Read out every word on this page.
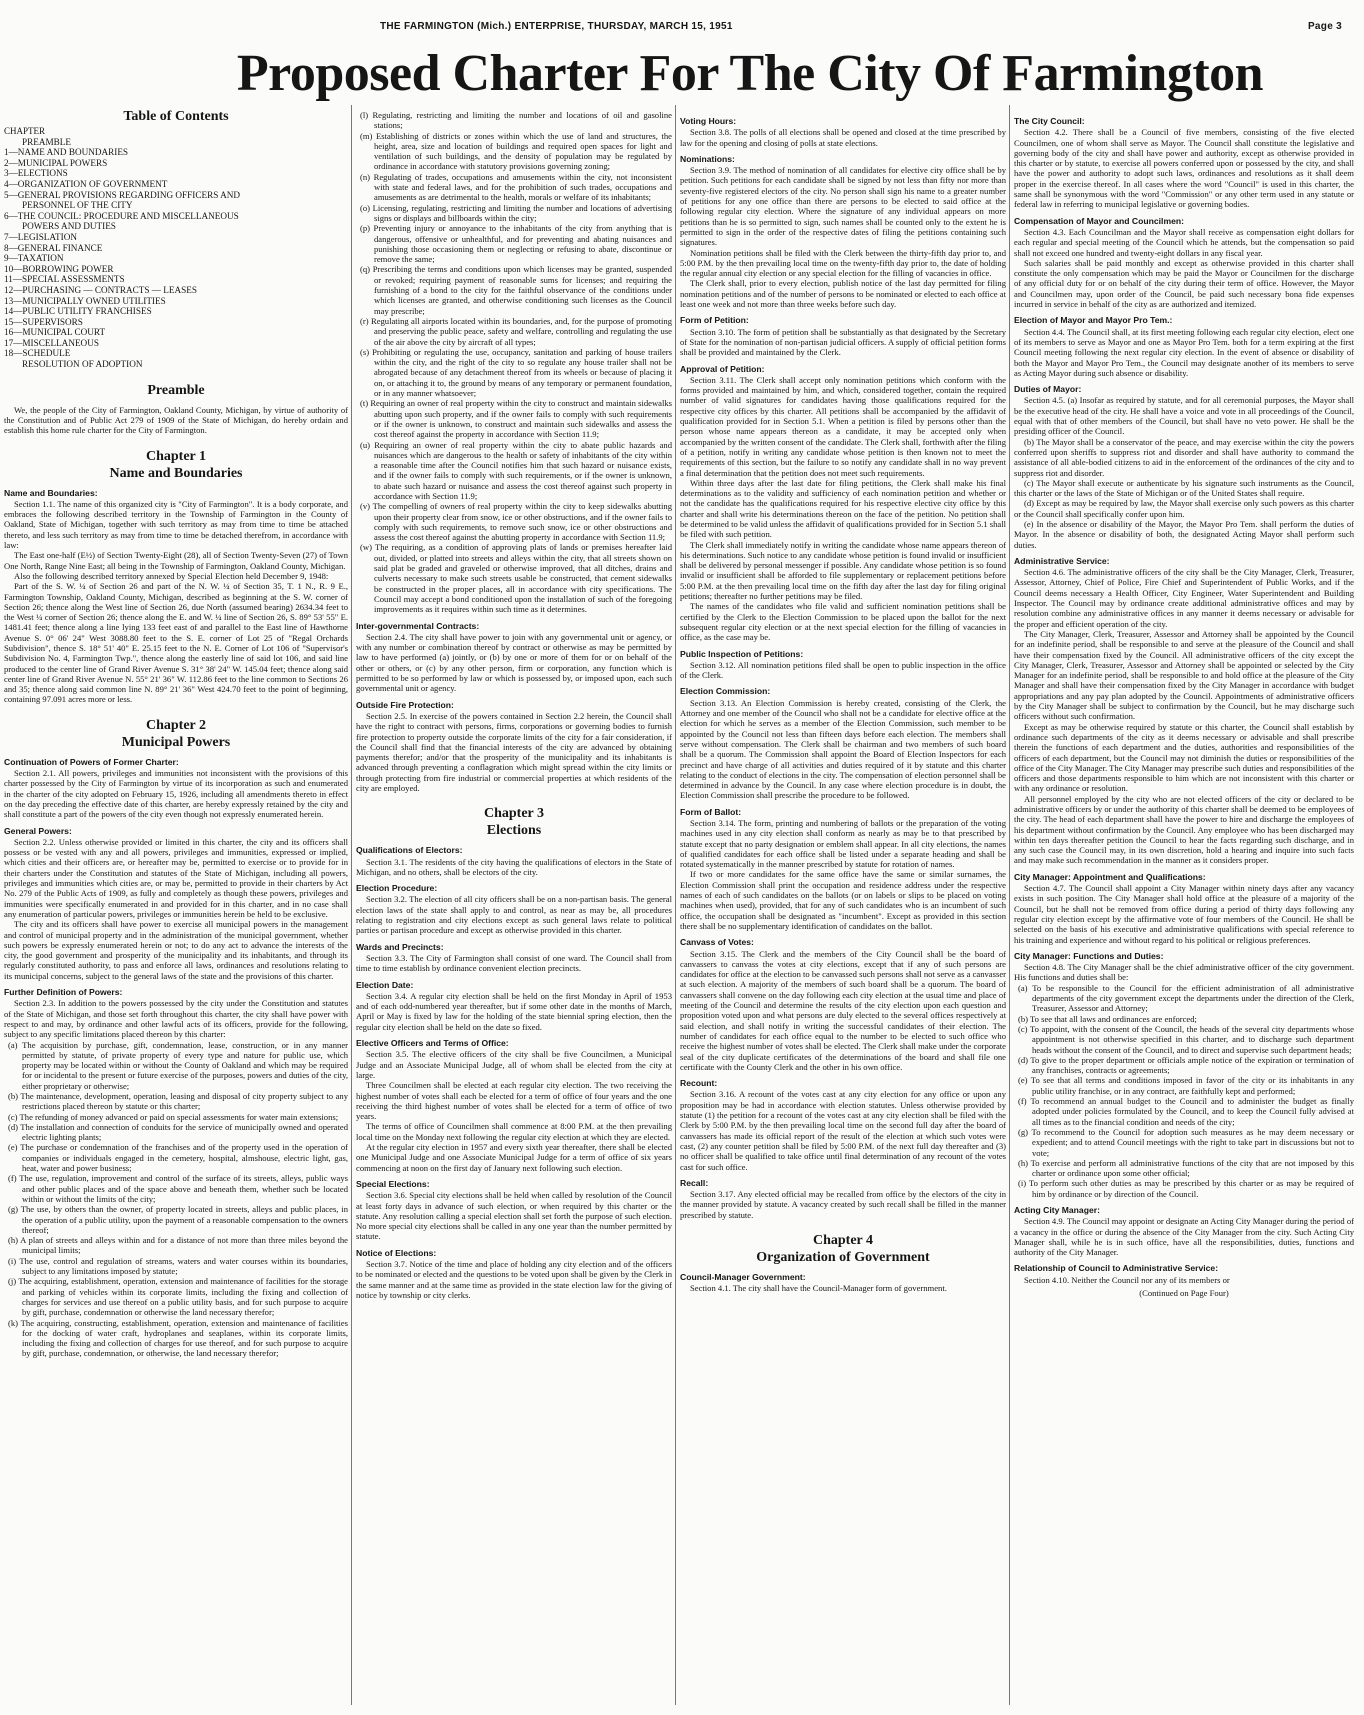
THE FARMINGTON (Mich.) ENTERPRISE, THURSDAY, MARCH 15, 1951	Page 3
Proposed Charter For The City Of Farmington
Table of Contents
CHAPTER
PREAMBLE
1—NAME AND BOUNDARIES
2—MUNICIPAL POWERS
3—ELECTIONS
4—ORGANIZATION OF GOVERNMENT
5—GENERAL PROVISIONS REGARDING OFFICERS AND
PERSONNEL OF THE CITY
6—THE COUNCIL: PROCEDURE AND MISCELLANEOUS
POWERS AND DUTIES
7—LEGISLATION
8—GENERAL FINANCE
9—TAXATION
10—BORROWING POWER
11—SPECIAL ASSESSMENTS
12—PURCHASING — CONTRACTS — LEASES
13—MUNICIPALLY OWNED UTILITIES
14—PUBLIC UTILITY FRANCHISES
15—SUPERVISORS
16—MUNICIPAL COURT
17—MISCELLANEOUS
18—SCHEDULE
RESOLUTION OF ADOPTION
Preamble

We, the people of the City of Farmington, Oakland County, Michigan, by virtue of authority of the Constitution and of Public Act 279 of 1909 of the State of Michigan, do hereby ordain and establish this home rule charter for the City of Farmington.

Chapter 1
Name and Boundaries
Name and Boundaries:

Section 1.1. The name of this organized city is "City of Farmington". It is a body corporate, and embraces the following described territory in the Township of Farmington in the County of Oakland, State of Michigan, together with such territory as may from time to time be attached thereto, and less such territory as may from time to time be detached therefrom, in accordance with law:

The East one-half (E½) of Section Twenty-Eight (28), all of Section Twenty-Seven (27) of Town One North, Range Nine East; all being in the Township of Farmington, Oakland County, Michigan.

Also the following described territory annexed by Special Election held December 9, 1948:

Part of the S. W. ¼ of Section 26 and part of the N. W. ¼ of Section 35, T. 1 N., R. 9 E., Farmington Township, Oakland County, Michigan, described as beginning at the S. W. corner of Section 26; thence along the West line of Section 26, due North (assumed bearing) 2634.34 feet to the West ¼ corner of Section 26; thence along the E. and W. ¼ line of Section 26, S. 89° 53' 55" E. 1481.41 feet; thence along a line lying 133 feet east of and parallel to the East line of Hawthorne Avenue S. 0° 06' 24" West 3088.80 feet to the S. E. corner of Lot 25 of "Regal Orchards Subdivision", thence S. 18° 51' 40" E. 25.15 feet to the N. E. Corner of Lot 106 of "Supervisor's Subdivision No. 4, Farmington Twp.", thence along the easterly line of said lot 106, and said line produced to the center line of Grand River Avenue S. 31° 38' 24" W. 145.04 feet; thence along said center line of Grand River Avenue N. 55° 21' 36" W. 112.86 feet to the line common to Sections 26 and 35; thence along said common line N. 89° 21' 36" West 424.70 feet to the point of beginning, containing 97.091 acres more or less.

Chapter 2
Municipal Powers
Continuation of Powers of Former Charter:

Section 2.1. All powers, privileges and immunities not inconsistent with the provisions of this charter possessed by the City of Farmington by virtue of its incorporation as such and enumerated in the charter of the city adopted on February 15, 1926, including all amendments thereto in effect on the day preceding the effective date of this charter, are hereby expressly retained by the city and shall constitute a part of the powers of the city even though not expressly enumerated herein.

General Powers:

Section 2.2. Unless otherwise provided or limited in this charter, the city and its officers shall possess or be vested with any and all powers, privileges and immunities, expressed or implied, which cities and their officers are, or hereafter may be, permitted to exercise or to provide for in their charters under the Constitution and statutes of the State of Michigan, including all powers, privileges and immunities which cities are, or may be, permitted to provide in their charters by Act No. 279 of the Public Acts of 1909, as fully and completely as though these powers, privileges and immunities were specifically enumerated in and provided for in this charter, and in no case shall any enumeration of particular powers, privileges or immunities herein be held to be exclusive.

The city and its officers shall have power to exercise all municipal powers in the management and control of municipal property and in the administration of the municipal government, whether such powers be expressly enumerated herein or not; to do any act to advance the interests of the city, the good government and prosperity of the municipality and its inhabitants, and through its regularly constituted authority, to pass and enforce all laws, ordinances and resolutions relating to its municipal concerns, subject to the general laws of the state and the provisions of this charter.

Further Definition of Powers:

Section 2.3. In addition to the powers possessed by the city under the Constitution and statutes of the State of Michigan, and those set forth throughout this charter, the city shall have power with respect to and may, by ordinance and other lawful acts of its officers, provide for the following, subject to any specific limitations placed thereon by this charter:

(a) The acquisition by purchase, gift, condemnation, lease, construction, or in any manner permitted by statute, of private property of every type and nature for public use, which property may be located within or without the County of Oakland and which may be required for or incidental to the present or future exercise of the purposes, powers and duties of the city, either proprietary or otherwise;
(b) The maintenance, development, operation, leasing and disposal of city property subject to any restrictions placed thereon by statute or this charter;
(c) The refunding of money advanced or paid on special assessments for water main extensions;
(d) The installation and connection of conduits for the service of municipally owned and operated electric lighting plants;
(e) The purchase or condemnation of the franchises and of the property used in the operation of companies or individuals engaged in the cemetery, hospital, almshouse, electric light, gas, heat, water and power business;
(f) The use, regulation, improvement and control of the surface of its streets, alleys, public ways and other public places and of the space above and beneath them, whether such be located within or without the limits of the city;
(g) The use, by others than the owner, of property located in streets, alleys and public places, in the operation of a public utility, upon the payment of a reasonable compensation to the owners thereof;
(h) A plan of streets and alleys within and for a distance of not more than three miles beyond the municipal limits;
(i) The use, control and regulation of streams, waters and water courses within its boundaries, subject to any limitations imposed by statute;
(j) The acquiring, establishment, operation, extension and maintenance of facilities for the storage and parking of vehicles within its corporate limits, including the fixing and collection of charges for services and use thereof on a public utility basis, and for such purpose to acquire by gift, purchase, condemnation or otherwise the land necessary therefor;
(k) The acquiring, constructing, establishment, operation, extension and maintenance of facilities for the docking of water craft, hydroplanes and seaplanes, within its corporate limits, including the fixing and collection of charges for use thereof, and for such purpose to acquire by gift, purchase, condemnation, or otherwise, the land necessary therefor;
(l) Regulating, restricting and limiting the number and locations of oil and gasoline stations;
(m) Establishing of districts or zones within which the use of land and structures, the height, area, size and location of buildings and required open spaces for light and ventilation of such buildings, and the density of population may be regulated by ordinance in accordance with statutory provisions governing zoning;
(n) Regulating of trades, occupations and amusements within the city, not inconsistent with state and federal laws, and for the prohibition of such trades, occupations and amusements as are detrimental to the health, morals or welfare of its inhabitants;
(o) Licensing, regulating, restricting and limiting the number and locations of advertising signs or displays and billboards within the city;
(p) Preventing injury or annoyance to the inhabitants of the city from anything that is dangerous, offensive or unhealthful, and for preventing and abating nuisances and punishing those occasioning them or neglecting or refusing to abate, discontinue or remove the same;
(q) Prescribing the terms and conditions upon which licenses may be granted, suspended or revoked; requiring payment of reasonable sums for licenses; and requiring the furnishing of a bond to the city for the faithful observance of the conditions under which licenses are granted, and otherwise conditioning such licenses as the Council may prescribe;
(r) Regulating all airports located within its boundaries, and, for the purpose of promoting and preserving the public peace, safety and welfare, controlling and regulating the use of the air above the city by aircraft of all types;
(s) Prohibiting or regulating the use, occupancy, sanitation and parking of house trailers within the city, and the right of the city to so regulate any house trailer shall not be abrogated because of any detachment thereof from its wheels or because of placing it on, or attaching it to, the ground by means of any temporary or permanent foundation, or in any manner whatsoever;
(t) Requiring an owner of real property within the city to construct and maintain sidewalks abutting upon such property, and if the owner fails to comply with such requirements or if the owner is unknown, to construct and maintain such sidewalks and assess the cost thereof against the property in accordance with Section 11.9;
(u) Requiring an owner of real property within the city to abate public hazards and nuisances which are dangerous to the health or safety of inhabitants of the city within a reasonable time after the Council notifies him that such hazard or nuisance exists, and if the owner fails to comply with such requirements, or if the owner is unknown, to abate such hazard or nuisance and assess the cost thereof against such property in accordance with Section 11.9;
(v) The compelling of owners of real property within the city to keep sidewalks abutting upon their property clear from snow, ice or other obstructions, and if the owner fails to comply with such requirements, to remove such snow, ice or other obstructions and assess the cost thereof against the abutting property in accordance with Section 11.9;
(w) The requiring, as a condition of approving plats of lands or premises hereafter laid out, divided, or platted into streets and alleys within the city, that all streets shown on said plat be graded and graveled or otherwise improved, that all ditches, drains and culverts necessary to make such streets usable be constructed, that cement sidewalks be constructed in the proper places, all in accordance with city specifications. The Council may accept a bond conditioned upon the installation of such of the foregoing improvements as it requires within such time as it determines.
Inter-governmental Contracts:

Section 2.4. The city shall have power to join with any governmental unit or agency, or with any number or combination thereof by contract or otherwise as may be permitted by law to have performed (a) jointly, or (b) by one or more of them for or on behalf of the other or others, or (c) by any other person, firm or corporation, any function which is permitted to be so performed by law or which is possessed by, or imposed upon, each such governmental unit or agency.

Outside Fire Protection:

Section 2.5. In exercise of the powers contained in Section 2.2 herein, the Council shall have the right to contract with persons, firms, corporations or governing bodies to furnish fire protection to property outside the corporate limits of the city for a fair consideration, if the Council shall find that the financial interests of the city are advanced by obtaining payments therefor; and/or that the prosperity of the municipality and its inhabitants is advanced through preventing a conflagration which might spread within the city limits or through protecting from fire industrial or commercial properties at which residents of the city are employed.

Chapter 3
Elections
Qualifications of Electors:

Section 3.1. The residents of the city having the qualifications of electors in the State of Michigan, and no others, shall be electors of the city.

Election Procedure:

Section 3.2. The election of all city officers shall be on a non-partisan basis. The general election laws of the state shall apply to and control, as near as may be, all procedures relating to registration and city elections except as such general laws relate to political parties or partisan procedure and except as otherwise provided in this charter.

Wards and Precincts:

Section 3.3. The City of Farmington shall consist of one ward. The Council shall from time to time establish by ordinance convenient election precincts.

Election Date:

Section 3.4. A regular city election shall be held on the first Monday in April of 1953 and of each odd-numbered year thereafter, but if some other date in the months of March, April or May is fixed by law for the holding of the state biennial spring election, then the regular city election shall be held on the date so fixed.

Elective Officers and Terms of Office:

Section 3.5. The elective officers of the city shall be five Councilmen, a Municipal Judge and an Associate Municipal Judge, all of whom shall be elected from the city at large.

Three Councilmen shall be elected at each regular city election. The two receiving the highest number of votes shall each be elected for a term of office of four years and the one receiving the third highest number of votes shall be elected for a term of office of two years.

The terms of office of Councilmen shall commence at 8:00 P.M. at the then prevailing local time on the Monday next following the regular city election at which they are elected.

At the regular city election in 1957 and every sixth year thereafter, there shall be elected one Municipal Judge and one Associate Municipal Judge for a term of office of six years commencing at noon on the first day of January next following such election.

Special Elections:

Section 3.6. Special city elections shall be held when called by resolution of the Council at least forty days in advance of such election, or when required by this charter or the statute. Any resolution calling a special election shall set forth the purpose of such election. No more special city elections shall be called in any one year than the number permitted by statute.

Notice of Elections:

Section 3.7. Notice of the time and place of holding any city election and of the officers to be nominated or elected and the questions to be voted upon shall be given by the Clerk in the same manner and at the same time as provided in the state election law for the giving of notice by township or city clerks.

Voting Hours:

Section 3.8. The polls of all elections shall be opened and closed at the time prescribed by law for the opening and closing of polls at state elections.

Nominations:

Section 3.9. The method of nomination of all candidates for elective city office shall be by petition. Such petitions for each candidate shall be signed by not less than fifty nor more than seventy-five registered electors of the city. No person shall sign his name to a greater number of petitions for any one office than there are persons to be elected to said office at the following regular city election. Where the signature of any individual appears on more petitions than he is so permitted to sign, such names shall be counted only to the extent he is permitted to sign in the order of the respective dates of filing the petitions containing such signatures.

Nomination petitions shall be filed with the Clerk between the thirty-fifth day prior to, and 5:00 P.M. by the then prevailing local time on the twenty-fifth day prior to, the date of holding the regular annual city election or any special election for the filling of vacancies in office.

The Clerk shall, prior to every election, publish notice of the last day permitted for filing nomination petitions and of the number of persons to be nominated or elected to each office at least one week and not more than three weeks before such day.

Form of Petition:

Section 3.10. The form of petition shall be substantially as that designated by the Secretary of State for the nomination of non-partisan judicial officers. A supply of official petition forms shall be provided and maintained by the Clerk.

Approval of Petition:

Section 3.11. The Clerk shall accept only nomination petitions which conform with the forms provided and maintained by him, and which, considered together, contain the required number of valid signatures for candidates having those qualifications required for the respective city offices by this charter. All petitions shall be accompanied by the affidavit of qualification provided for in Section 5.1. When a petition is filed by persons other than the person whose name appears thereon as a candidate, it may be accepted only when accompanied by the written consent of the candidate. The Clerk shall, forthwith after the filing of a petition, notify in writing any candidate whose petition is then known not to meet the requirements of this section, but the failure to so notify any candidate shall in no way prevent a final determination that the petition does not meet such requirements.

Within three days after the last date for filing petitions, the Clerk shall make his final determinations as to the validity and sufficiency of each nomination petition and whether or not the candidate has the qualifications required for his respective elective city office by this charter and shall write his determinations thereon on the face of the petition. No petition shall be determined to be valid unless the affidavit of qualifications provided for in Section 5.1 shall be filed with such petition.

The Clerk shall immediately notify in writing the candidate whose name appears thereon of his determinations. Such notice to any candidate whose petition is found invalid or insufficient shall be delivered by personal messenger if possible. Any candidate whose petition is so found invalid or insufficient shall be afforded to file supplementary or replacement petitions before 5:00 P.M. at the then prevailing local time on the fifth day after the last day for filing original petitions; thereafter no further petitions may be filed.

The names of the candidates who file valid and sufficient nomination petitions shall be certified by the Clerk to the Election Commission to be placed upon the ballot for the next subsequent regular city election or at the next special election for the filling of vacancies in office, as the case may be.

Public Inspection of Petitions:

Section 3.12. All nomination petitions filed shall be open to public inspection in the office of the Clerk.

Election Commission:

Section 3.13. An Election Commission is hereby created, consisting of the Clerk, the Attorney and one member of the Council who shall not be a candidate for elective office at the election for which he serves as a member of the Election Commission, such member to be appointed by the Council not less than fifteen days before each election. The members shall serve without compensation. The Clerk shall be chairman and two members of such board shall be a quorum. The Commission shall appoint the Board of Election Inspectors for each precinct and have charge of all activities and duties required of it by statute and this charter relating to the conduct of elections in the city. The compensation of election personnel shall be determined in advance by the Council. In any case where election procedure is in doubt, the Election Commission shall prescribe the procedure to be followed.

Form of Ballot:

Section 3.14. The form, printing and numbering of ballots or the preparation of the voting machines used in any city election shall conform as nearly as may be to that prescribed by statute except that no party designation or emblem shall appear. In all city elections, the names of qualified candidates for each office shall be listed under a separate heading and shall be rotated systematically in the manner prescribed by statute for rotation of names.

If two or more candidates for the same office have the same or similar surnames, the Election Commission shall print the occupation and residence address under the respective names of each of such candidates on the ballots (or on labels or slips to be placed on voting machines when used), provided, that for any of such candidates who is an incumbent of such office, the occupation shall be designated as "incumbent". Except as provided in this section there shall be no supplementary identification of candidates on the ballot.

Canvass of Votes:

Section 3.15. The Clerk and the members of the City Council shall be the board of canvassers to canvass the votes at city elections, except that if any of such persons are candidates for office at the election to be canvassed such persons shall not serve as a canvasser at such election. A majority of the members of such board shall be a quorum. The board of canvassers shall convene on the day following each city election at the usual time and place of meeting of the Council and determine the results of the city election upon each question and proposition voted upon and what persons are duly elected to the several offices respectively at said election, and shall notify in writing the successful candidates of their election. The number of candidates for each office equal to the number to be elected to such office who receive the highest number of votes shall be elected. The Clerk shall make under the corporate seal of the city duplicate certificates of the determinations of the board and shall file one certificate with the County Clerk and the other in his own office.

Recount:

Section 3.16. A recount of the votes cast at any city election for any office or upon any proposition may be had in accordance with election statutes. Unless otherwise provided by statute (1) the petition for a recount of the votes cast at any city election shall be filed with the Clerk by 5:00 P.M. by the then prevailing local time on the second full day after the board of canvassers has made its official report of the result of the election at which such votes were cast, (2) any counter petition shall be filed by 5:00 P.M. of the next full day thereafter and (3) no officer shall be qualified to take office until final determination of any recount of the votes cast for such office.

Recall:

Section 3.17. Any elected official may be recalled from office by the electors of the city in the manner provided by statute. A vacancy created by such recall shall be filled in the manner prescribed by statute.

Chapter 4
Organization of Government
Council-Manager Government:

Section 4.1. The city shall have the Council-Manager form of government.

The City Council:

Section 4.2. There shall be a Council of five members, consisting of the five elected Councilmen, one of whom shall serve as Mayor. The Council shall constitute the legislative and governing body of the city and shall have power and authority, except as otherwise provided in this charter or by statute, to exercise all powers conferred upon or possessed by the city, and shall have the power and authority to adopt such laws, ordinances and resolutions as it shall deem proper in the exercise thereof. In all cases where the word "Council" is used in this charter, the same shall be synonymous with the word "Commission" or any other term used in any statute or federal law in referring to municipal legislative or governing bodies.

Compensation of Mayor and Councilmen:

Section 4.3. Each Councilman and the Mayor shall receive as compensation eight dollars for each regular and special meeting of the Council which he attends, but the compensation so paid shall not exceed one hundred and twenty-eight dollars in any fiscal year.

Such salaries shall be paid monthly and except as otherwise provided in this charter shall constitute the only compensation which may be paid the Mayor or Councilmen for the discharge of any official duty for or on behalf of the city during their term of office. However, the Mayor and Councilmen may, upon order of the Council, be paid such necessary bona fide expenses incurred in service in behalf of the city as are authorized and itemized.

Election of Mayor and Mayor Pro Tem.:

Section 4.4. The Council shall, at its first meeting following each regular city election, elect one of its members to serve as Mayor and one as Mayor Pro Tem. both for a term expiring at the first Council meeting following the next regular city election. In the event of absence or disability of both the Mayor and Mayor Pro Tem., the Council may designate another of its members to serve as Acting Mayor during such absence or disability.

Duties of Mayor:

Section 4.5. (a) Insofar as required by statute, and for all ceremonial purposes, the Mayor shall be the executive head of the city. He shall have a voice and vote in all proceedings of the Council, equal with that of other members of the Council, but shall have no veto power. He shall be the presiding officer of the Council.

(b) The Mayor shall be a conservator of the peace, and may exercise within the city the powers conferred upon sheriffs to suppress riot and disorder and shall have authority to command the assistance of all able-bodied citizens to aid in the enforcement of the ordinances of the city and to suppress riot and disorder.

(c) The Mayor shall execute or authenticate by his signature such instruments as the Council, this charter or the laws of the State of Michigan or of the United States shall require.

(d) Except as may be required by law, the Mayor shall exercise only such powers as this charter or the Council shall specifically confer upon him.

(e) In the absence or disability of the Mayor, the Mayor Pro Tem. shall perform the duties of Mayor. In the absence or disability of both, the designated Acting Mayor shall perform such duties.

Administrative Service:

Section 4.6. The administrative officers of the city shall be the City Manager, Clerk, Treasurer, Assessor, Attorney, Chief of Police, Fire Chief and Superintendent of Public Works, and if the Council deems necessary a Health Officer, City Engineer, Water Superintendent and Building Inspector. The Council may by ordinance create additional administrative offices and may by resolution combine any administrative offices in any manner it deems necessary or advisable for the proper and efficient operation of the city.

The City Manager, Clerk, Treasurer, Assessor and Attorney shall be appointed by the Council for an indefinite period, shall be responsible to and serve at the pleasure of the Council and shall have their compensation fixed by the Council. All administrative officers of the city except the City Manager, Clerk, Treasurer, Assessor and Attorney shall be appointed or selected by the City Manager for an indefinite period, shall be responsible to and hold office at the pleasure of the City Manager and shall have their compensation fixed by the City Manager in accordance with budget appropriations and any pay plan adopted by the Council. Appointments of administrative officers by the City Manager shall be subject to confirmation by the Council, but he may discharge such officers without such confirmation.

Except as may be otherwise required by statute or this charter, the Council shall establish by ordinance such departments of the city as it deems necessary or advisable and shall prescribe therein the functions of each department and the duties, authorities and responsibilities of the officers of each department, but the Council may not diminish the duties or responsibilities of the office of the City Manager. The City Manager may prescribe such duties and responsibilities of the officers and those departments responsible to him which are not inconsistent with this charter or with any ordinance or resolution.

All personnel employed by the city who are not elected officers of the city or declared to be administrative officers by or under the authority of this charter shall be deemed to be employees of the city. The head of each department shall have the power to hire and discharge the employees of his department without confirmation by the Council. Any employee who has been discharged may within ten days thereafter petition the Council to hear the facts regarding such discharge, and in any such case the Council may, in its own discretion, hold a hearing and inquire into such facts and may make such recommendation in the manner as it considers proper.

City Manager: Appointment and Qualifications:

Section 4.7. The Council shall appoint a City Manager within ninety days after any vacancy exists in such position. The City Manager shall hold office at the pleasure of a majority of the Council, but he shall not be removed from office during a period of thirty days following any regular city election except by the affirmative vote of four members of the Council. He shall be selected on the basis of his executive and administrative qualifications with special reference to his training and experience and without regard to his political or religious preferences.

City Manager: Functions and Duties:

Section 4.8. The City Manager shall be the chief administrative officer of the city government. His functions and duties shall be:

(a) To be responsible to the Council for the efficient administration of all administrative departments of the city government except the departments under the direction of the Clerk, Treasurer, Assessor and Attorney;
(b) To see that all laws and ordinances are enforced;
(c) To appoint, with the consent of the Council, the heads of the several city departments whose appointment is not otherwise specified in this charter, and to discharge such department heads without the consent of the Council, and to direct and supervise such department heads;
(d) To give to the proper department or officials ample notice of the expiration or termination of any franchises, contracts or agreements;
(e) To see that all terms and conditions imposed in favor of the city or its inhabitants in any public utility franchise, or in any contract, are faithfully kept and performed;
(f) To recommend an annual budget to the Council and to administer the budget as finally adopted under policies formulated by the Council, and to keep the Council fully advised at all times as to the financial condition and needs of the city;
(g) To recommend to the Council for adoption such measures as he may deem necessary or expedient; and to attend Council meetings with the right to take part in discussions but not to vote;
(h) To exercise and perform all administrative functions of the city that are not imposed by this charter or ordinance upon some other official;
(i) To perform such other duties as may be prescribed by this charter or as may be required of him by ordinance or by direction of the Council.
Acting City Manager:

Section 4.9. The Council may appoint or designate an Acting City Manager during the period of a vacancy in the office or during the absence of the City Manager from the city. Such Acting City Manager shall, while he is in such office, have all the responsibilities, duties, functions and authority of the City Manager.

Relationship of Council to Administrative Service:

Section 4.10. Neither the Council nor any of its members or

(Continued on Page Four)
